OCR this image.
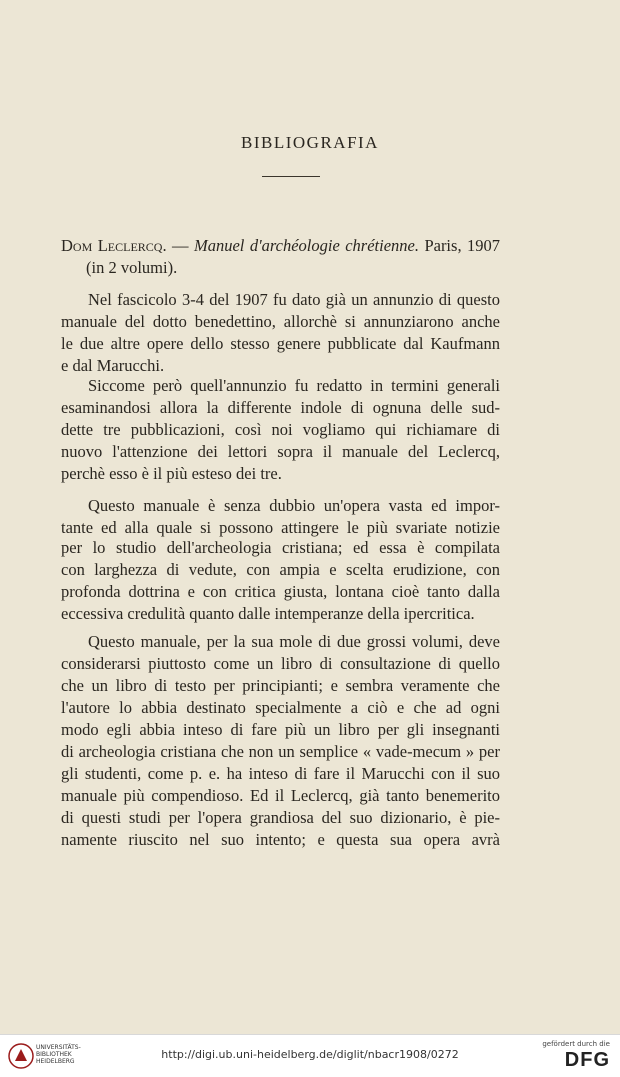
BIBLIOGRAFIA
Dom Leclercq. — Manuel d'archéologie chrétienne. Paris, 1907
(in 2 volumi).
Nel fascicolo 3-4 del 1907 fu dato già un annunzio di questo
manuale del dotto benedettino, allorchè si annunziarono anche
le due altre opere dello stesso genere pubblicate dal Kaufmann
e dal Marucchi.
Siccome però quell'annunzio fu redatto in termini generali
esaminandosi allora la differente indole di ognuna delle sud-
dette tre pubblicazioni, così noi vogliamo qui richiamare di
nuovo l'attenzione dei lettori sopra il manuale del Leclercq,
perchè esso è il più esteso dei tre.
Questo manuale è senza dubbio un'opera vasta ed impor-
tante ed alla quale si possono attingere le più svariate notizie
per lo studio dell'archeologia cristiana; ed essa è compilata
con larghezza di vedute, con ampia e scelta erudizione, con
profonda dottrina e con critica giusta, lontana cioè tanto dalla
eccessiva credulità quanto dalle intemperanze della ipercritica.
Questo manuale, per la sua mole di due grossi volumi, deve
considerarsi piuttosto come un libro di consultazione di quello
che un libro di testo per principianti; e sembra veramente che
l'autore lo abbia destinato specialmente a ciò e che ad ogni
modo egli abbia inteso di fare più un libro per gli insegnanti
di archeologia cristiana che non un semplice « vade-mecum » per
gli studenti, come p. e. ha inteso di fare il Marucchi con il suo
manuale più compendioso. Ed il Leclercq, già tanto benemerito
di questi studi per l'opera grandiosa del suo dizionario, è pie-
namente riuscito nel suo intento; e questa sua opera avrà
UNIVERSITÄTS-
BIBLIOTHEK
HEIDELBERG
http://digi.ub.uni-heidelberg.de/diglit/nbacr1908/0272
gefördert durch die
DFG
